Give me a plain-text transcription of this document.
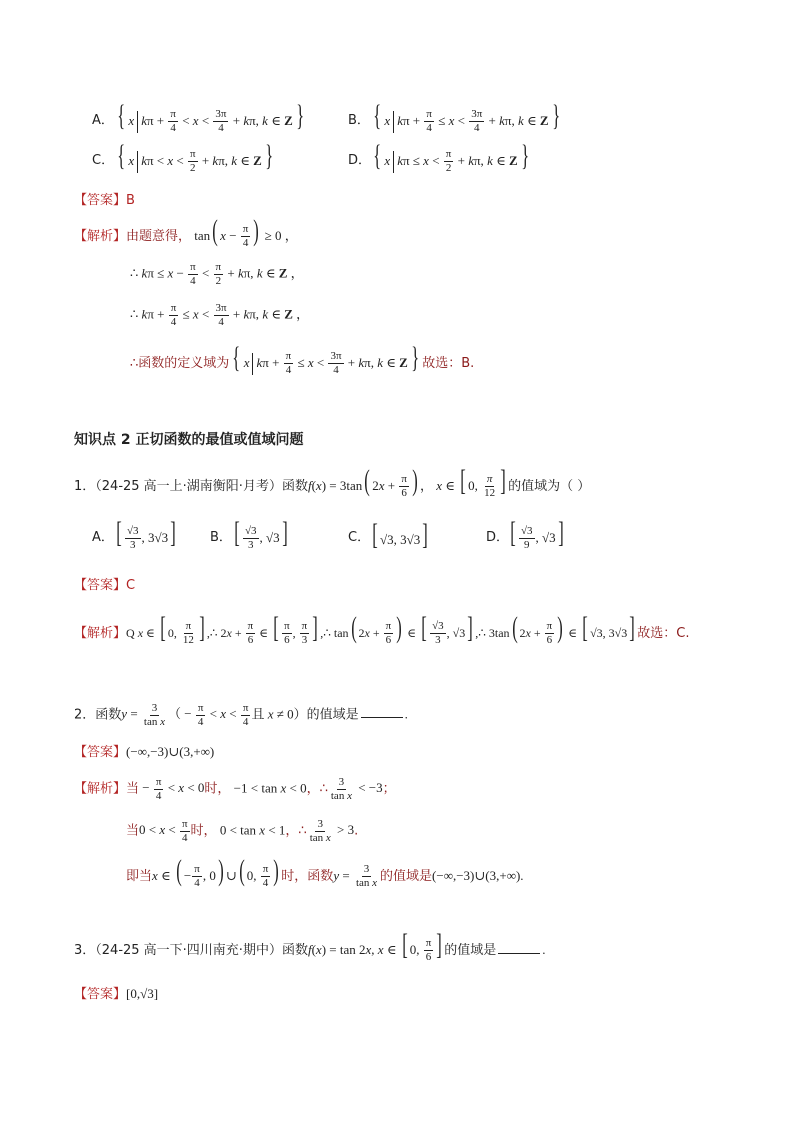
A． { x $k\pi + \frac{\pi}{4} < x < \frac{3\pi}{4} + k\pi$, k ∈ Z }	B． { x $k\pi + \frac{\pi}{4} \le x < \frac{3\pi}{4} + k\pi$, k ∈ Z }
C． { x $k\pi < x < \frac{\pi}{2} + k\pi$, k ∈ Z }	D． { x $k\pi \le x < \frac{\pi}{2} + k\pi$, k ∈ Z }
【答案】B
【解析】由题意得， tan( $x - \frac{\pi}{4}$ ) ≥ 0 ，
∴ $k\pi \le x - \frac{\pi}{4} < \frac{\pi}{2} + k\pi$, k ∈ Z ，
∴ $k\pi + \frac{\pi}{4} \le x < \frac{3\pi}{4} + k\pi$, k ∈ Z ，
∴函数的定义域为 { x $k\pi + \frac{\pi}{4} \le x < \frac{3\pi}{4} + k\pi$, k ∈ Z } 故选：B.
知识点 2 正切函数的最值或值域问题
1．（24-25 高一上·湖南衡阳·月考）函数f(x) = 3tan( $2x + \frac{\pi}{6}$ ) ， x ∈ [ 0, $\frac{\pi}{12}$ ] 的值域为（ ）
A． [ $\frac{√3}{3}$ , 3√3]	B． [ $\frac{√3}{3}$ , √3]	C． [ √3, 3√3]	D． [ $\frac{√3}{9}$ , √3]
【答案】C
【解析】Q x ∈ [ 0, $\frac{\pi}{12}$ ] ,∴ $2x + \frac{\pi}{6}$ ∈ [ $\frac{\pi}{6}$ , $\frac{\pi}{3}$ ] ,∴ tan( $2x + \frac{\pi}{6}$ ) ∈ [ $\frac{√3}{3}$ , √3] ,∴ 3tan( $2x + \frac{\pi}{6}$ ) ∈ [ √3, 3√3] 故选：C.
2．函数$y = \frac{3}{\text{tan x}}$ （ − $\frac{\pi}{4} < x < \frac{\pi}{4}$ 且 x ≠ 0）的值域是	.
【答案】(−∞,−3)∪(3,+∞)
【解析】当 − $\frac{\pi}{4} < x < 0$时， −1 < tan x < 0，∴ $\frac{3}{\text{tan x}} < -3$；
当$0 < x < \frac{\pi}{4}$ 时， 0 < tan x < 1，∴ $\frac{3}{\text{tan x}} > 3$.
即当x ∈ ( − $\frac{\pi}{4}$ , 0) ∪( 0, $\frac{\pi}{4}$ ) 时，函数$y = \frac{3}{\text{tan x}}$ 的值域是(−∞,−3)∪(3,+∞).
3．（24-25 高一下·四川南充·期中）函数f(x) = tan 2x, x ∈ [ 0, $\frac{\pi}{6}$ ] 的值域是	.
【答案】[0,√3]
